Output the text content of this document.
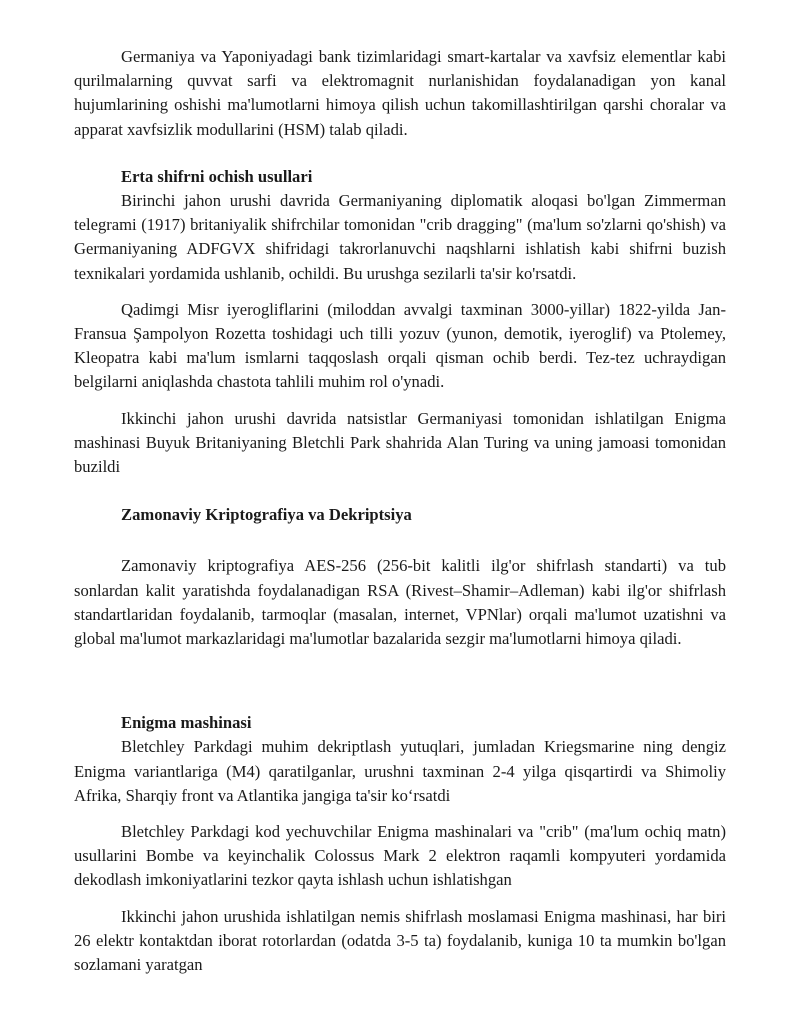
Germaniya va Yaponiyadagi bank tizimlaridagi smart-kartalar va xavfsiz elementlar kabi qurilmalarning quvvat sarfi va elektromagnit nurlanishidan foydalanadigan yon kanal hujumlarining oshishi ma'lumotlarni himoya qilish uchun takomillashtirilgan qarshi choralar va apparat xavfsizlik modullarini (HSM) talab qiladi.

Erta shifrni ochish usullari

Birinchi jahon urushi davrida Germaniyaning diplomatik aloqasi bo'lgan Zimmerman telegrami (1917) britaniyalik shifrchilar tomonidan "crib dragging" (ma'lum so'zlarni qo'shish) va Germaniyaning ADFGVX shifridagi takrorlanuvchi naqshlarni ishlatish kabi shifrni buzish texnikalari yordamida ushlanib, ochildi. Bu urushga sezilarli ta'sir ko'rsatdi.

Qadimgi Misr iyerogliflarini (miloddan avvalgi taxminan 3000-yillar) 1822-yilda Jan-Fransua Şampolyon Rozetta toshidagi uch tilli yozuv (yunon, demotik, iyeroglif) va Ptolemey, Kleopatra kabi ma'lum ismlarni taqqoslash orqali qisman ochib berdi. Tez-tez uchraydigan belgilarni aniqlashda chastota tahlili muhim rol o'ynadi.

Ikkinchi jahon urushi davrida natsistlar Germaniyasi tomonidan ishlatilgan Enigma mashinasi Buyuk Britaniyaning Bletchli Park shahrida Alan Turing va uning jamoasi tomonidan buzildi

Zamonaviy Kriptografiya va Dekriptsiya

Zamonaviy kriptografiya AES-256 (256-bit kalitli ilg'or shifrlash standarti) va tub sonlardan kalit yaratishda foydalanadigan RSA (Rivest–Shamir–Adleman) kabi ilg'or shifrlash standartlaridan foydalanib, tarmoqlar (masalan, internet, VPNlar) orqali ma'lumot uzatishni va global ma'lumot markazlaridagi ma'lumotlar bazalarida sezgir ma'lumotlarni himoya qiladi.

Enigma mashinasi

Bletchley Parkdagi muhim dekriptlash yutuqlari, jumladan Kriegsmarine ning dengiz Enigma variantlariga (M4) qaratilganlar, urushni taxminan 2-4 yilga qisqartirdi va Shimoliy Afrika, Sharqiy front va Atlantika jangiga ta'sir koʻrsatdi

Bletchley Parkdagi kod yechuvchilar Enigma mashinalari va "crib" (ma'lum ochiq matn) usullarini Bombe va keyinchalik Colossus Mark 2 elektron raqamli kompyuteri yordamida dekodlash imkoniyatlarini tezkor qayta ishlash uchun ishlatishgan

Ikkinchi jahon urushida ishlatilgan nemis shifrlash moslamasi Enigma mashinasi, har biri 26 elektr kontaktdan iborat rotorlardan (odatda 3-5 ta) foydalanib, kuniga 10 ta mumkin bo'lgan sozlamani yaratgan
